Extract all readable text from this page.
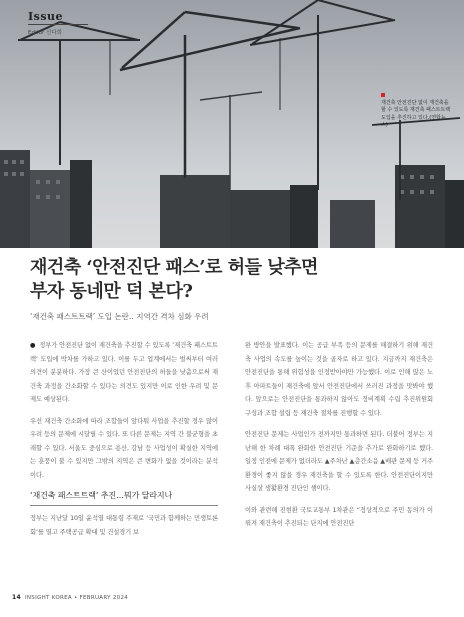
Issue
Editor 신다희
재건축 안전진단 없이 재건축을 할 수 있도록 재건축 패스트트랙 도입을 추진하고 있다.(연합뉴스)
재건축 ‘안전진단 패스’로 허들 낮추면
부자 동네만 덕 본다?
‘재건축 패스트트랙’ 도입 논란‥ 지역간 격차 심화 우려

● 정부가 안전진단 없이 재건축을 추진할 수 있도록 ‘재건축 패스트트랙’ 도입에 박차를 가하고 있다. 이를 두고 업계에서는 벌써부터 여러 의견이 분분하다. 가장 큰 산이었던 안전진단의 허들을 낮춤으로써 재건축 과정을 간소화할 수 있다는 의견도 있지만 이로 인한 우려 및 문제도 예상된다.

우선 재건축 간소화에 따라 조합들이 앞다퉈 사업을 추진할 경우 많이 우려 등의 문제에 시달릴 수 있다. 또 다른 문제는 지역 간 불균형을 초래할 수 있다. 서울도 중심으로 용산, 강남 등 사업성이 확실한 지역에는 훈풍이 불 수 있지만 그밖의 지역은 큰 변화가 없을 것이라는 분석이다.

‘재건축 패스트트랙’ 추진…뭐가 달라지나

정부는 지난달 10일 윤석열 대통령 주재로 ‘국민과 함께하는 민생토론회’를 열고 주택공급 확대 및 건설경기 보

완 방안을 발표했다. 이는 공급 부족 등의 문제를 해결하기 위해 재건축 사업의 속도를 높이는 것을 골자로 하고 있다. 지금까지 재건축은 안전진단을 통해 위험성을 인정받아야만 가능했다. 이로 인해 많은 노후 아파트들이 재건축에 앞서 안전진단에서 쓰러진 과정을 맛봐야 했다. 앞으로는 안전진단을 통과하지 않아도 정비계획 수립 추진위원회 구성과 조합 설립 등 재건축 절차를 진행할 수 있다.

안전진단 문제는 사업인가 전까지만 통과하면 된다. 더불어 정부는 지난해 한 차례 대폭 완화한 안전진단 기준을 추가로 완화하기로 했다. 일정 인전에 문제가 없더라도 ▲주차난 ▲층간소음 ▲배관 문제 등 거주 환경이 좋지 않을 경우 재건축을 할 수 있도록 한다. 안전진단이지만 사실상 생활환경 진단인 셈이다.

이와 관련해 진현환 국토교통부 1차관은 “정상적으로 주민 동의가 이뤄져 재건축이 추진되는 단지에 안전진단

14 INSIGHT KOREA • FEBRUARY 2024
